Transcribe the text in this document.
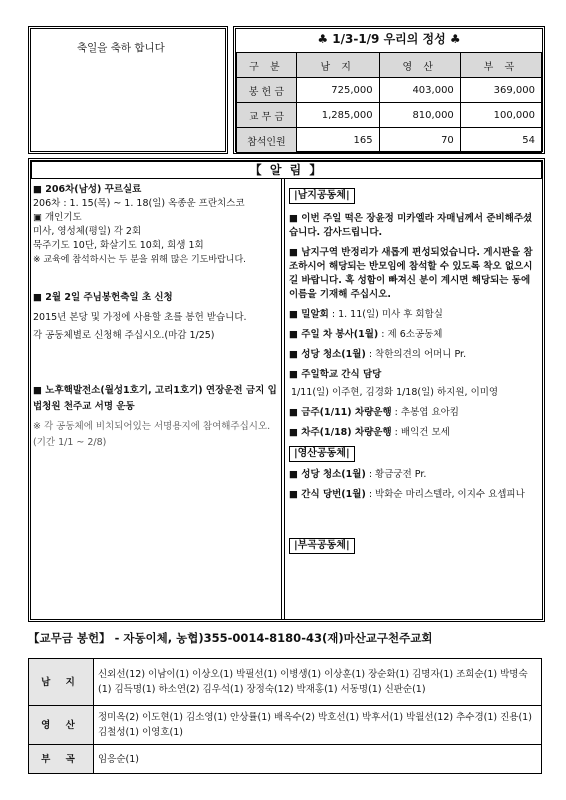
축일을 축하 합니다
♣ 1/3-1/9 우리의 정성 ♣
구 분	남 지	영 산	부 곡
봉 헌 금	725,000	403,000	369,000
교 무 금	1,285,000	810,000	100,000
참석인원	165	70	54
【 알 림 】
■ 206차(남성) 꾸르실료
206차 : 1. 15(목) ~ 1. 18(일) 옥종운 프란치스코
▣ 개인기도
미사, 영성체(평일) 각 2회
묵주기도 10단, 화살기도 10회, 희생 1회
※ 교육에 참석하시는 두 분을 위해 많은 기도바랍니다.
■ 2월 2일 주님봉헌축일 초 신청
2015년 본당 및 가정에 사용할 초를 봉헌 받습니다.
각 공동체별로 신청해 주십시오.(마감 1/25)
■ 노후핵발전소(월성1호기, 고리1호기) 연장운전 금지 입법청원 천주교 서명 운동
※ 각 공동체에 비치되어있는 서명용지에 참여해주십시오.(기간 1/1 ~ 2/8)
|남지공동체|
■ 이번 주일 떡은 장윤정 미카엘라 자매님께서 준비해주셨습니다. 감사드립니다.
■ 남지구역 반정리가 새롭게 편성되었습니다. 게시판을 참조하시어 해당되는 반모임에 참석할 수 있도록 착오 없으시길 바랍니다. 혹 성함이 빠져신 분이 계시면 해당되는 동에 이름을 기재해 주십시오.
■ 밀알회 : 1. 11(일) 미사 후 회합실
■ 주일 차 봉사(1월) : 제 6소공동체
■ 성당 청소(1월) : 착한의견의 어머니 Pr.
■ 주일학교 간식 담당
1/11(일) 이주현, 김경화 1/18(일) 하지원, 이미영
■ 금주(1/11) 차량운행 : 추봉엽 요아킴
■ 차주(1/18) 차량운행 : 배익건 모세
|영산공동체|
■ 성당 청소(1월) : 황금궁전 Pr.
■ 간식 당번(1월) : 박화순 마리스텔라, 이지수 요셉피나
|부곡공동체|
【교무금 봉헌】 - 자동이체, 농협)355-0014-8180-43(재)마산교구천주교회
남 지	신외선(12) 이남이(1) 이상오(1) 박필선(1) 이병생(1) 이상훈(1) 장순화(1) 김명자(1) 조희순(1) 박명숙(1) 김득명(1) 하소연(2) 김우석(1) 장정숙(12) 박재홍(1) 서동명(1) 신판순(1)
영 산	정미옥(2) 이도현(1) 김소영(1) 안상률(1) 배옥수(2) 박호선(1) 박후서(1) 박월선(12) 추수경(1) 진용(1) 김철성(1) 이영호(1)
부 곡	임응순(1)
